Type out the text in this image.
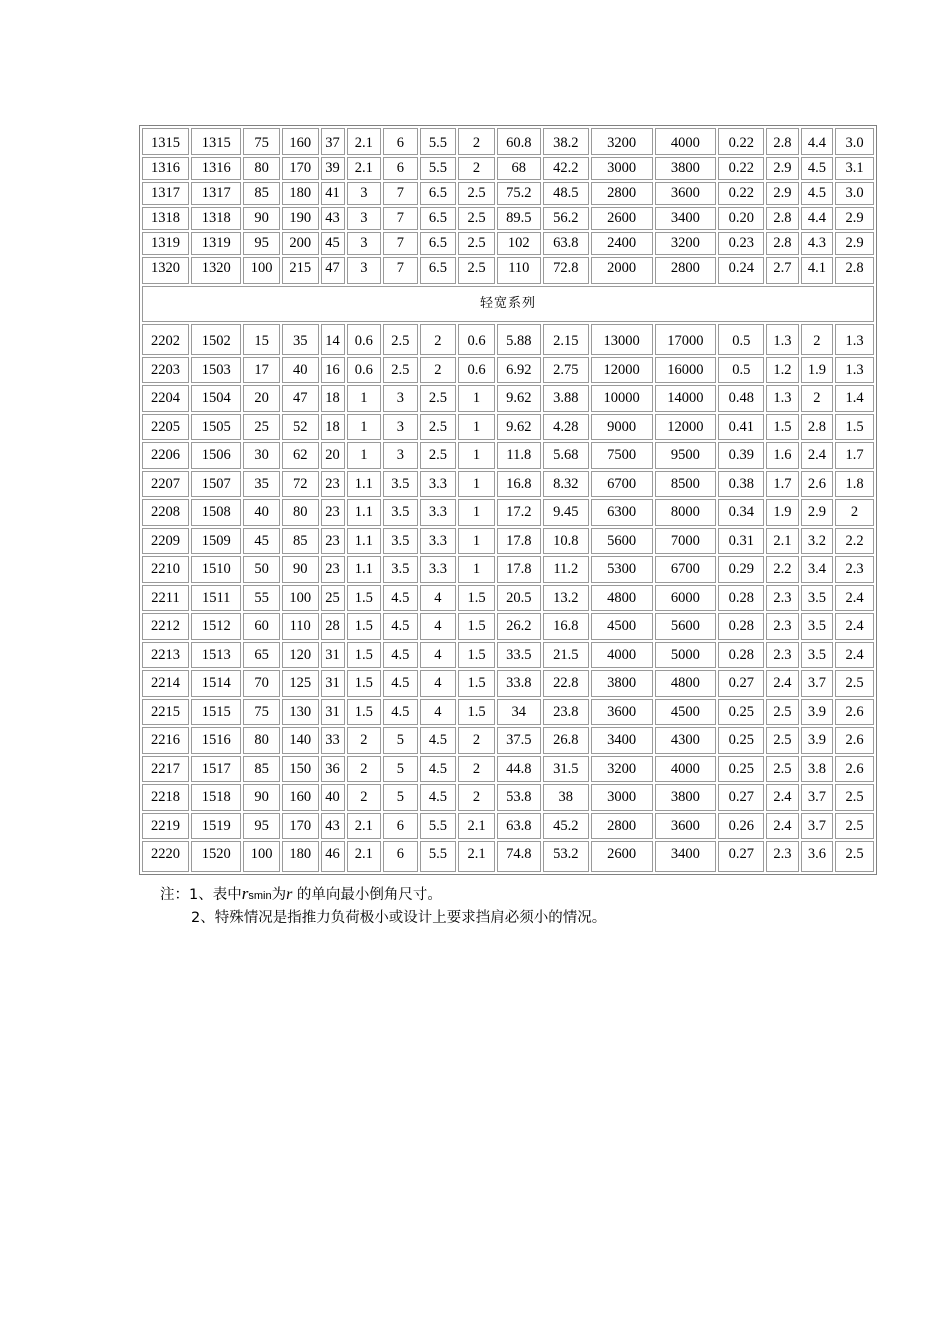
1315	1315	75	160	37	2.1	6	5.5	2	60.8	38.2	3200	4000	0.22	2.8	4.4	3.0
1316	1316	80	170	39	2.1	6	5.5	2	68	42.2	3000	3800	0.22	2.9	4.5	3.1
1317	1317	85	180	41	3	7	6.5	2.5	75.2	48.5	2800	3600	0.22	2.9	4.5	3.0
1318	1318	90	190	43	3	7	6.5	2.5	89.5	56.2	2600	3400	0.20	2.8	4.4	2.9
1319	1319	95	200	45	3	7	6.5	2.5	102	63.8	2400	3200	0.23	2.8	4.3	2.9
1320	1320	100	215	47	3	7	6.5	2.5	110	72.8	2000	2800	0.24	2.7	4.1	2.8
轻宽系列																
2202	1502	15	35	14	0.6	2.5	2	0.6	5.88	2.15	13000	17000	0.5	1.3	2	1.3
2203	1503	17	40	16	0.6	2.5	2	0.6	6.92	2.75	12000	16000	0.5	1.2	1.9	1.3
2204	1504	20	47	18	1	3	2.5	1	9.62	3.88	10000	14000	0.48	1.3	2	1.4
2205	1505	25	52	18	1	3	2.5	1	9.62	4.28	9000	12000	0.41	1.5	2.8	1.5
2206	1506	30	62	20	1	3	2.5	1	11.8	5.68	7500	9500	0.39	1.6	2.4	1.7
2207	1507	35	72	23	1.1	3.5	3.3	1	16.8	8.32	6700	8500	0.38	1.7	2.6	1.8
2208	1508	40	80	23	1.1	3.5	3.3	1	17.2	9.45	6300	8000	0.34	1.9	2.9	2
2209	1509	45	85	23	1.1	3.5	3.3	1	17.8	10.8	5600	7000	0.31	2.1	3.2	2.2
2210	1510	50	90	23	1.1	3.5	3.3	1	17.8	11.2	5300	6700	0.29	2.2	3.4	2.3
2211	1511	55	100	25	1.5	4.5	4	1.5	20.5	13.2	4800	6000	0.28	2.3	3.5	2.4
2212	1512	60	110	28	1.5	4.5	4	1.5	26.2	16.8	4500	5600	0.28	2.3	3.5	2.4
2213	1513	65	120	31	1.5	4.5	4	1.5	33.5	21.5	4000	5000	0.28	2.3	3.5	2.4
2214	1514	70	125	31	1.5	4.5	4	1.5	33.8	22.8	3800	4800	0.27	2.4	3.7	2.5
2215	1515	75	130	31	1.5	4.5	4	1.5	34	23.8	3600	4500	0.25	2.5	3.9	2.6
2216	1516	80	140	33	2	5	4.5	2	37.5	26.8	3400	4300	0.25	2.5	3.9	2.6
2217	1517	85	150	36	2	5	4.5	2	44.8	31.5	3200	4000	0.25	2.5	3.8	2.6
2218	1518	90	160	40	2	5	4.5	2	53.8	38	3000	3800	0.27	2.4	3.7	2.5
2219	1519	95	170	43	2.1	6	5.5	2.1	63.8	45.2	2800	3600	0.26	2.4	3.7	2.5
2220	1520	100	180	46	2.1	6	5.5	2.1	74.8	53.2	2600	3400	0.27	2.3	3.6	2.5
注：1、表中rsmin为r 的单向最小倒角尺寸。
2、特殊情况是指推力负荷极小或设计上要求挡肩必须小的情况。
